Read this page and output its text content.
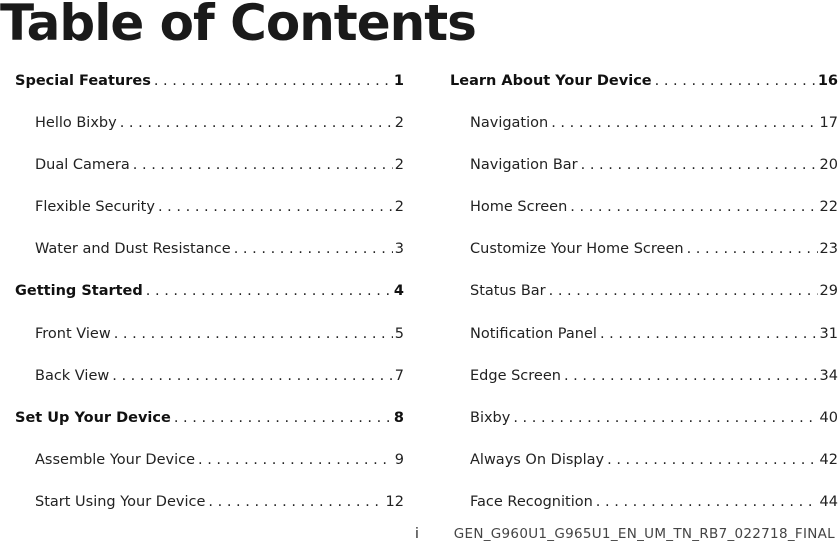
Table of Contents
Special Features . . .	1
Hello Bixby . . .	2
Dual Camera . . .	2
Flexible Security . . .	2
Water and Dust Resistance . . .	3
Getting Started . . .	4
Front View . . .	5
Back View . . .	7
Set Up Your Device . . .	8
Assemble Your Device . . .	9
Start Using Your Device . . .	12
Learn About Your Device . . .	16
Navigation . . .	17
Navigation Bar . . .	20
Home Screen . . .	22
Customize Your Home Screen . . .	23
Status Bar . . .	29
Notification Panel . . .	31
Edge Screen . . .	34
Bixby . . .	40
Always On Display . . .	42
Face Recognition . . .	44
i	GEN_G960U1_G965U1_EN_UM_TN_RB7_022718_FINAL
